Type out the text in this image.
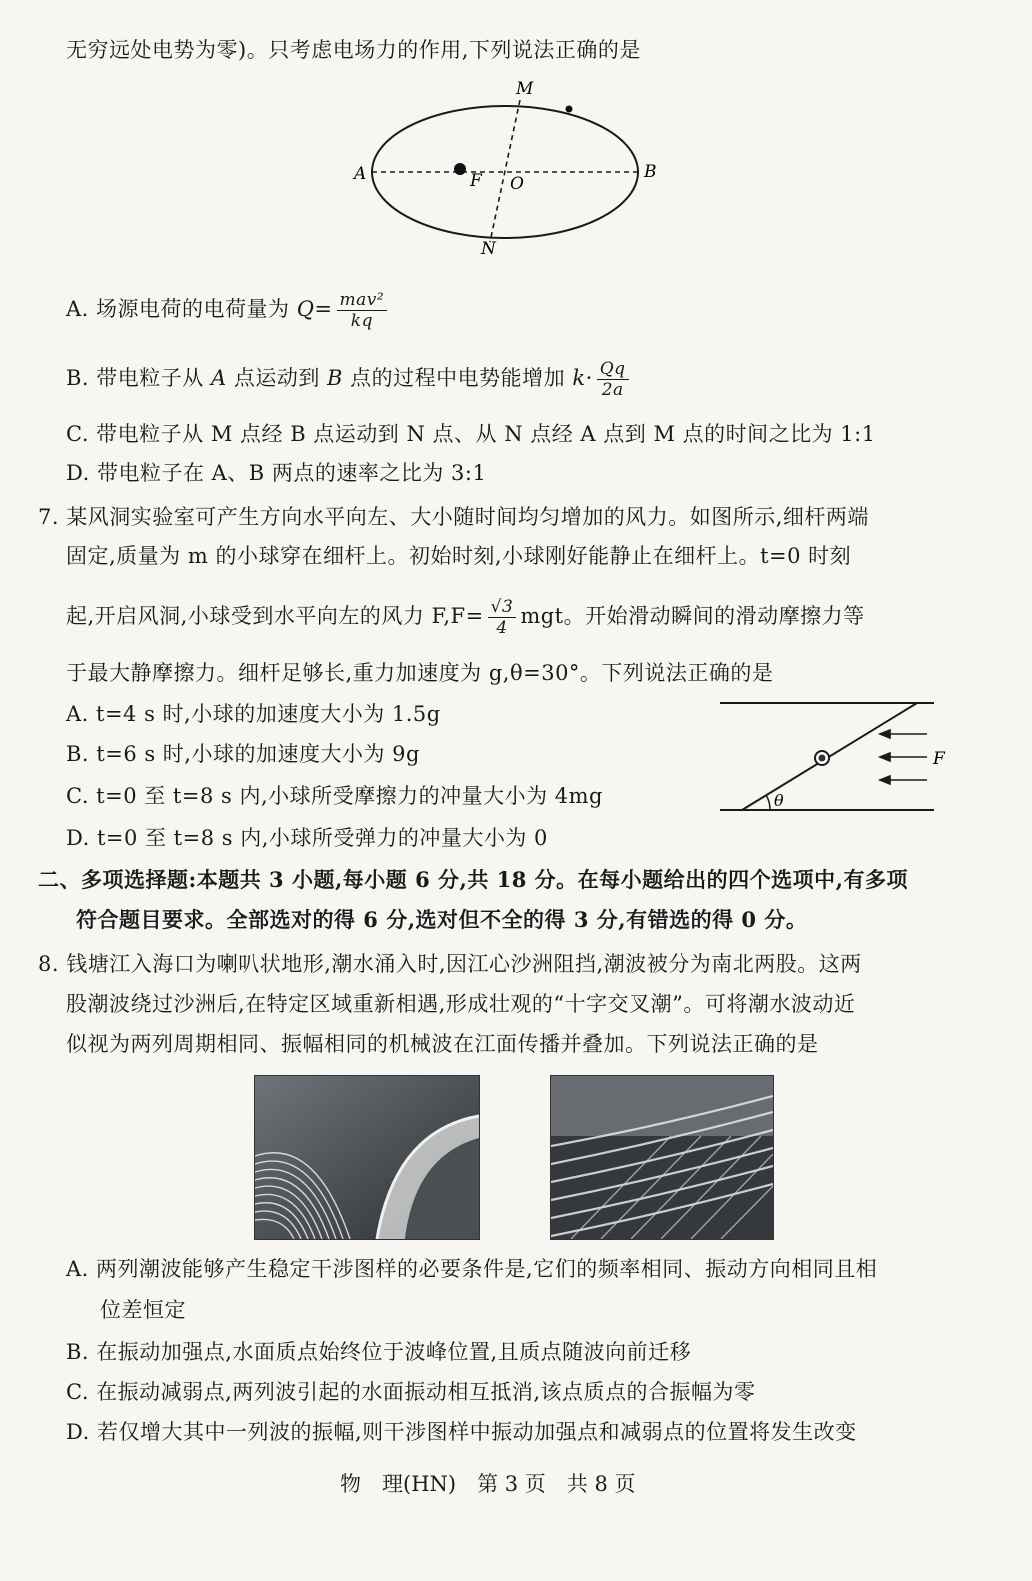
无穷远处电势为零)。只考虑电场力的作用,下列说法正确的是
M
N
A	B
F O
A. 场源电荷的电荷量为 $Q= \frac{\text{mav²}}{kq}$
B. 带电粒子从 A 点运动到 B 点的过程中电势能增加 $k\cdot \frac{Qq}{2a}$
C. 带电粒子从 M 点经 B 点运动到 N 点、从 N 点经 A 点到 M 点的时间之比为 1:1
D. 带电粒子在 A、B 两点的速率之比为 3:1
7. 某风洞实验室可产生方向水平向左、大小随时间均匀增加的风力。如图所示,细杆两端
固定,质量为 m 的小球穿在细杆上。初始时刻,小球刚好能静止在细杆上。t=0 时刻
起,开启风洞,小球受到水平向左的风力 $F,F= \frac{√3}{4}$ mgt。开始滑动瞬间的滑动摩擦力等
于最大静摩擦力。细杆足够长,重力加速度为 g,θ=30°。下列说法正确的是
A. t=4 s 时,小球的加速度大小为 1.5g
B. t=6 s 时,小球的加速度大小为 9g
C. t=0 至 t=8 s 内,小球所受摩擦力的冲量大小为 4mg
D. t=0 至 t=8 s 内,小球所受弹力的冲量大小为 0
θ
F
二、多项选择题:本题共 3 小题,每小题 6 分,共 18 分。在每小题给出的四个选项中,有多项
符合题目要求。全部选对的得 6 分,选对但不全的得 3 分,有错选的得 0 分。
8. 钱塘江入海口为喇叭状地形,潮水涌入时,因江心沙洲阻挡,潮波被分为南北两股。这两
股潮波绕过沙洲后,在特定区域重新相遇,形成壮观的“十字交叉潮”。可将潮水波动近
似视为两列周期相同、振幅相同的机械波在江面传播并叠加。下列说法正确的是
A. 两列潮波能够产生稳定干涉图样的必要条件是,它们的频率相同、振动方向相同且相
位差恒定
B. 在振动加强点,水面质点始终位于波峰位置,且质点随波向前迁移
C. 在振动减弱点,两列波引起的水面振动相互抵消,该点质点的合振幅为零
D. 若仅增大其中一列波的振幅,则干涉图样中振动加强点和减弱点的位置将发生改变
物　理(HN)　第 3 页　共 8 页
